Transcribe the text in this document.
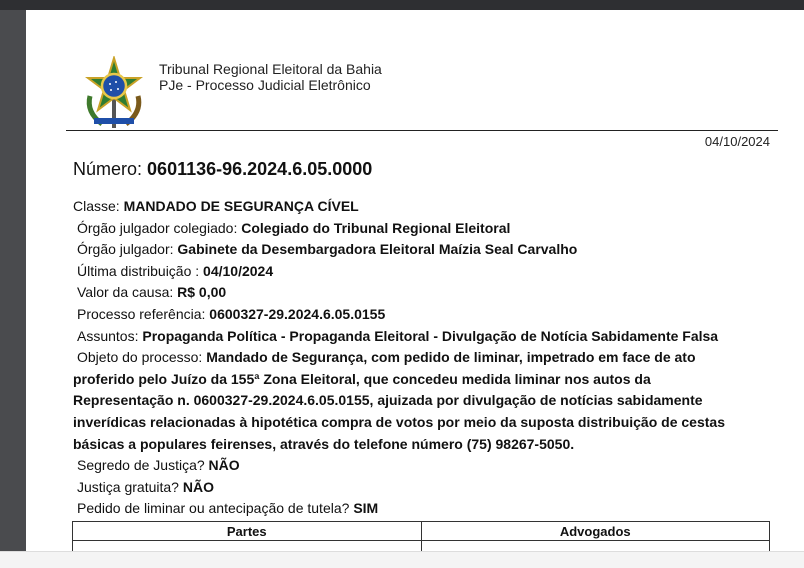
Tribunal Regional Eleitoral da Bahia
PJe - Processo Judicial Eletrônico
04/10/2024
Número: 0601136-96.2024.6.05.0000
Classe: MANDADO DE SEGURANÇA CÍVEL
Órgão julgador colegiado: Colegiado do Tribunal Regional Eleitoral
Órgão julgador: Gabinete da Desembargadora Eleitoral Maízia Seal Carvalho
Última distribuição : 04/10/2024
Valor da causa: R$ 0,00
Processo referência: 0600327-29.2024.6.05.0155
Assuntos: Propaganda Política - Propaganda Eleitoral - Divulgação de Notícia Sabidamente Falsa
Objeto do processo: Mandado de Segurança, com pedido de liminar, impetrado em face de ato
proferido pelo Juízo da 155ª Zona Eleitoral, que concedeu medida liminar nos autos da
Representação n. 0600327-29.2024.6.05.0155, ajuizada por divulgação de notícias sabidamente
inverídicas relacionadas à hipotética compra de votos por meio da suposta distribuição de cestas
básicas a populares feirenses, através do telefone número (75) 98267-5050.
Segredo de Justiça? NÃO
Justiça gratuita? NÃO
Pedido de liminar ou antecipação de tutela? SIM
Partes	Advogados
